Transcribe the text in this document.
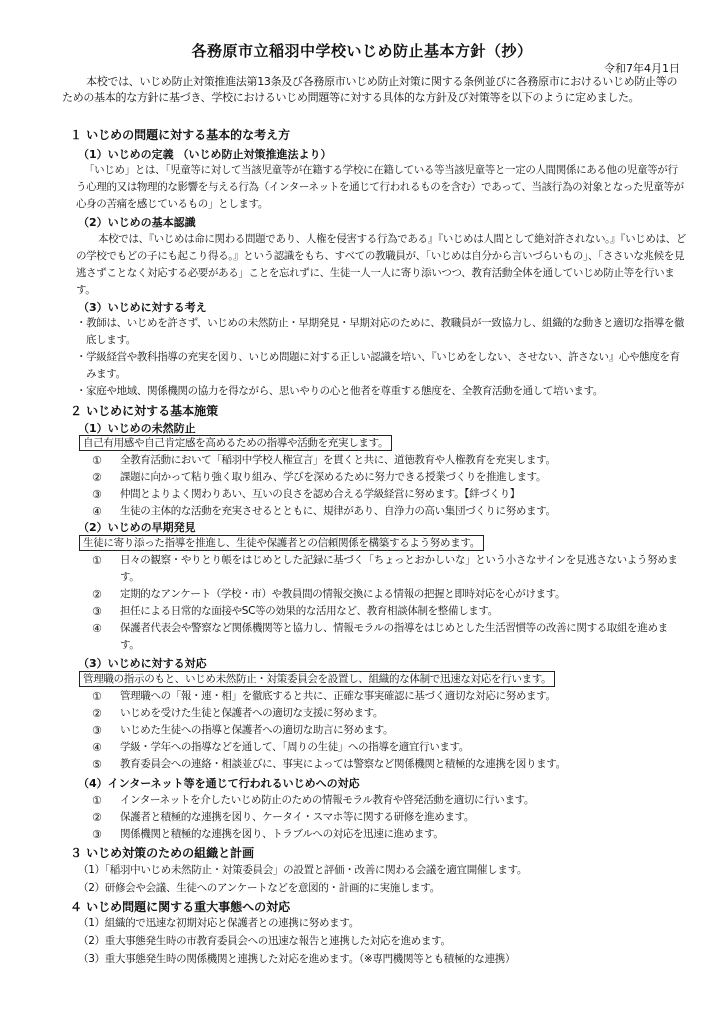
各務原市立稲羽中学校いじめ防止基本方針（抄）
令和7年4月1日
本校では、いじめ防止対策推進法第13条及び各務原市いじめ防止対策に関する条例並びに各務原市におけるいじめ防止等のための基本的な方針に基づき、学校におけるいじめ問題等に対する具体的な方針及び対策等を以下のように定めました。
１ いじめの問題に対する基本的な考え方
（1）いじめの定義 （いじめ防止対策推進法より）
「いじめ」とは、「児童等に対して当該児童等が在籍する学校に在籍している等当該児童等と一定の人間関係にある他の児童等が行う心理的又は物理的な影響を与える行為（インターネットを通じて行われるものを含む）であって、当該行為の対象となった児童等が心身の苦痛を感じているもの」とします。
（2）いじめの基本認識
本校では、『いじめは命に関わる問題であり、人権を侵害する行為である』『いじめは人間として絶対許されない。』『いじめは、どの学校でもどの子にも起こり得る。』という認識をもち、すべての教職員が、「いじめは自分から言いづらいもの」、「ささいな兆候を見逃さずことなく対応する必要がある」ことを忘れずに、生徒一人一人に寄り添いつつ、教育活動全体を通していじめ防止等を行います。
（3）いじめに対する考え
・教師は、いじめを許さず、いじめの未然防止・早期発見・早期対応のために、教職員が一致協力し、組織的な動きと適切な指導を徹底します。
・学級経営や教科指導の充実を図り、いじめ問題に対する正しい認識を培い、『いじめをしない、させない、許さない』心や態度を育みます。
・家庭や地域、関係機関の協力を得ながら、思いやりの心と他者を尊重する態度を、全教育活動を通して培います。
２ いじめに対する基本施策
（1）いじめの未然防止
自己有用感や自己肯定感を高めるための指導や活動を充実します。
①	全教育活動において「稲羽中学校人権宣言」を貫くと共に、道徳教育や人権教育を充実します。
②	課題に向かって粘り強く取り組み、学びを深めるために努力できる授業づくりを推進します。
③	仲間とよりよく関わりあい、互いの良さを認め合える学級経営に努めます。【絆づくり】
④	生徒の主体的な活動を充実させるとともに、規律があり、自浄力の高い集団づくりに努めます。
（2）いじめの早期発見
生徒に寄り添った指導を推進し、生徒や保護者との信頼関係を構築するよう努めます。
①	日々の観察・やりとり帳をはじめとした記録に基づく「ちょっとおかしいな」という小さなサインを見逃さないよう努めます。
②	定期的なアンケート（学校・市）や教員間の情報交換による情報の把握と即時対応を心がけます。
③	担任による日常的な面接やSC等の効果的な活用など、教育相談体制を整備します。
④	保護者代表会や警察など関係機関等と協力し、情報モラルの指導をはじめとした生活習慣等の改善に関する取組を進めます。
（3）いじめに対する対応
管理職の指示のもと、いじめ未然防止・対策委員会を設置し、組織的な体制で迅速な対応を行います。
①	管理職への「報・連・相」を徹底すると共に、正確な事実確認に基づく適切な対応に努めます。
②	いじめを受けた生徒と保護者への適切な支援に努めます。
③	いじめた生徒への指導と保護者への適切な助言に努めます。
④	学級・学年への指導などを通して、「周りの生徒」への指導を適宜行います。
⑤	教育委員会への連絡・相談並びに、事実によっては警察など関係機関と積極的な連携を図ります。
（4）インターネット等を通じて行われるいじめへの対応
①	インターネットを介したいじめ防止のための情報モラル教育や啓発活動を適切に行います。
②	保護者と積極的な連携を図り、ケータイ・スマホ等に関する研修を進めます。
③	関係機関と積極的な連携を図り、トラブルへの対応を迅速に進めます。
３ いじめ対策のための組織と計画
（1）「稲羽中いじめ未然防止・対策委員会」の設置と評価・改善に関わる会議を適宜開催します。
（2）研修会や会議、生徒へのアンケートなどを意図的・計画的に実施します。
４ いじめ問題に関する重大事態への対応
（1）組織的で迅速な初期対応と保護者との連携に努めます。
（2）重大事態発生時の市教育委員会への迅速な報告と連携した対応を進めます。
（3）重大事態発生時の関係機関と連携した対応を進めます。（※専門機関等とも積極的な連携）
